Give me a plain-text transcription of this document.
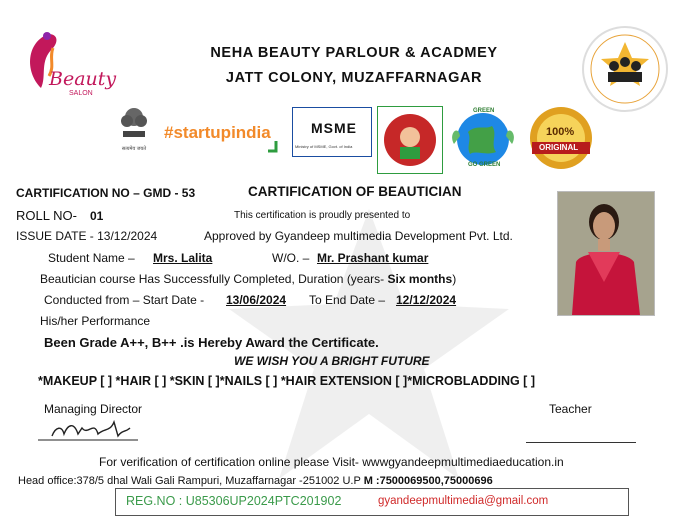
Beauty
SALON
NEHA BEAUTY PARLOUR & ACADMEY
JATT COLONY, MUZAFFARNAGAR
सत्यमेव जयते
#startupindia	MSME
Ministry of MSME, Govt. of India
GREEN
GO GREEN
100%
ORIGINAL
CARTIFICATION NO – GMD - 53	CARTIFICATION OF BEAUTICIAN
ROLL NO- 01	This certification is proudly presented to
ISSUE DATE - 13/12/2024	Approved by Gyandeep multimedia Development Pvt. Ltd.
Student Name – Mrs. Lalita	W/O. – Mr. Prashant kumar
Beautician course Has Successfully Completed, Duration (years- Six months)
Conducted from – Start Date - 13/06/2024 To End Date – 12/12/2024
His/her Performance
Been Grade A++, B++ .is Hereby Award the Certificate.
WE WISH YOU A BRIGHT FUTURE
*MAKEUP [ ] *HAIR [ ] *SKIN [ ]*NAILS [ ] *HAIR EXTENSION [ ]*MICROBLADDING [ ]
Managing Director	Teacher
For verification of certification online please Visit- wwwgyandeepmultimediaeducation.in
Head office:378/5 dhal Wali Gali Rampuri, Muzaffarnagar -251002 U.P M :7500069500,75000696
REG.NO : U85306UP2024PTC201902	gyandeepmultimedia@gmail.com
